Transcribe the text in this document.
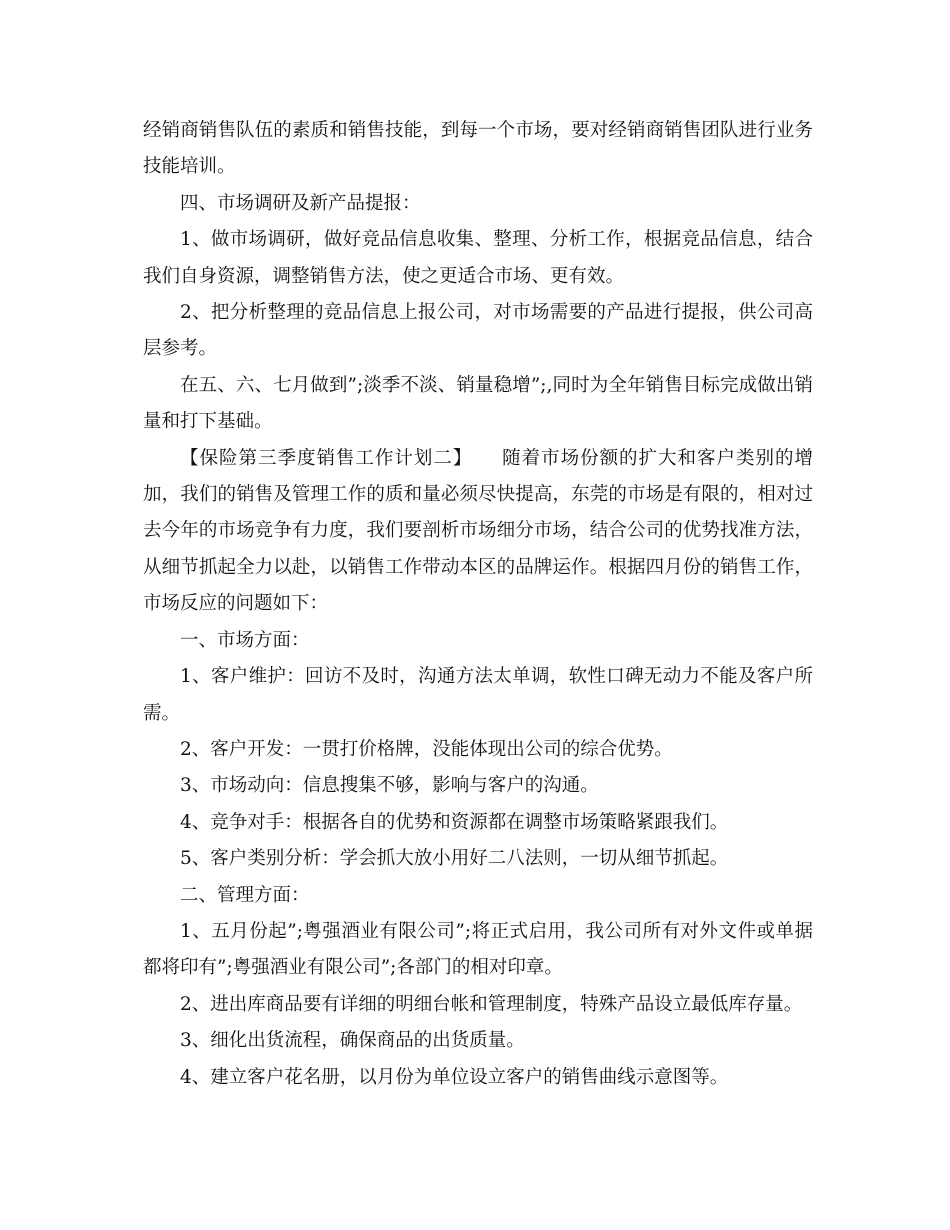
经销商销售队伍的素质和销售技能，到每一个市场，要对经销商销售团队进行业务技能培训。

四、市场调研及新产品提报：

1、做市场调研，做好竞品信息收集、整理、分析工作，根据竞品信息，结合我们自身资源，调整销售方法，使之更适合市场、更有效。

2、把分析整理的竞品信息上报公司，对市场需要的产品进行提报，供公司高层参考。

在五、六、七月做到”;淡季不淡、销量稳增”;,同时为全年销售目标完成做出销量和打下基础。

【保险第三季度销售工作计划二】　　随着市场份额的扩大和客户类别的增加，我们的销售及管理工作的质和量必须尽快提高，东莞的市场是有限的，相对过去今年的市场竞争有力度，我们要剖析市场细分市场，结合公司的优势找准方法，从细节抓起全力以赴，以销售工作带动本区的品牌运作。根据四月份的销售工作，市场反应的问题如下：

一、市场方面：

1、客户维护：回访不及时，沟通方法太单调，软性口碑无动力不能及客户所需。

2、客户开发：一贯打价格牌，没能体现出公司的综合优势。

3、市场动向：信息搜集不够，影响与客户的沟通。

4、竞争对手：根据各自的优势和资源都在调整市场策略紧跟我们。

5、客户类别分析：学会抓大放小用好二八法则，一切从细节抓起。

二、管理方面：

1、五月份起”;粤强酒业有限公司”;将正式启用，我公司所有对外文件或单据都将印有”;粤强酒业有限公司”;各部门的相对印章。

2、进出库商品要有详细的明细台帐和管理制度，特殊产品设立最低库存量。

3、细化出货流程，确保商品的出货质量。

4、建立客户花名册，以月份为单位设立客户的销售曲线示意图等。
